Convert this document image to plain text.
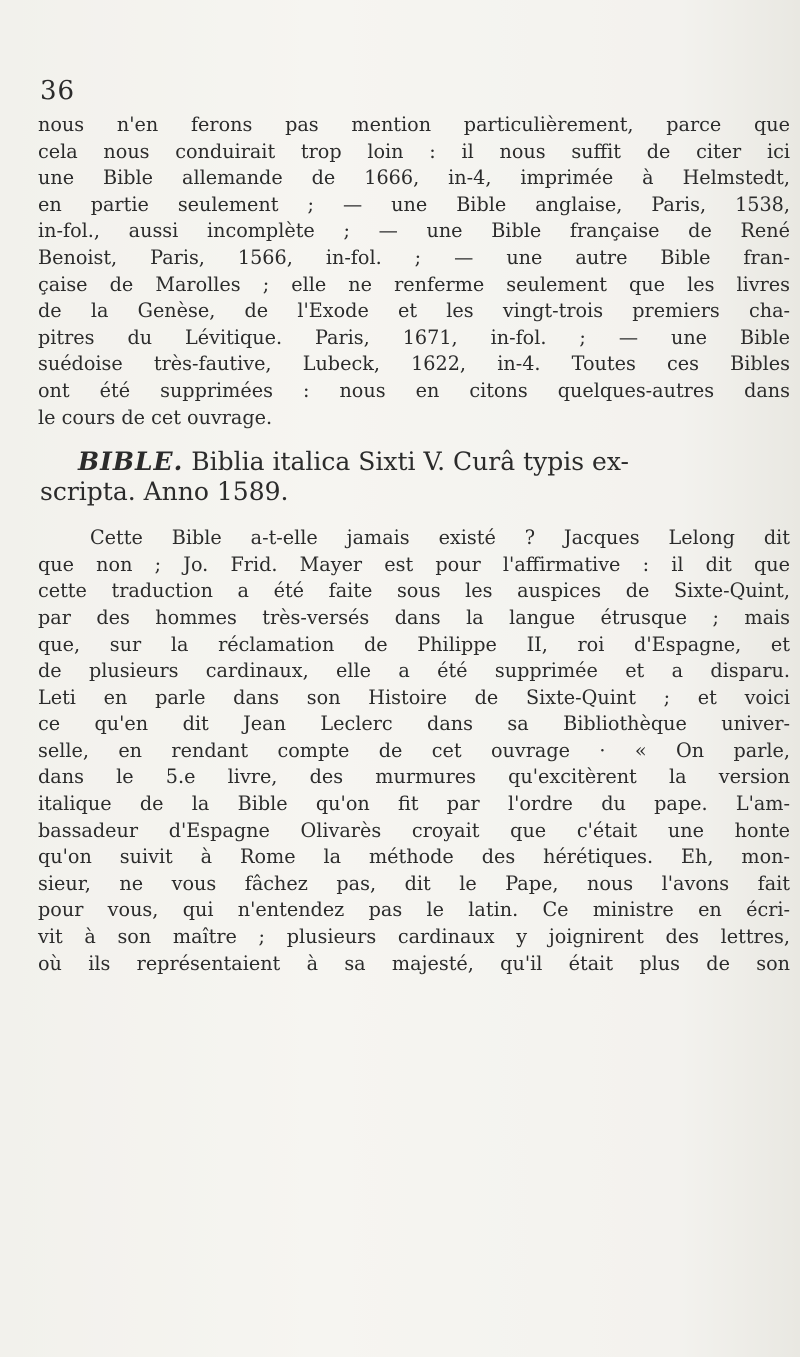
36
nous n'en ferons pas mention particulièrement, parce que
cela nous conduirait trop loin : il nous suffit de citer ici
une Bible allemande de 1666, in-4, imprimée à Helmstedt,
en partie seulement ; — une Bible anglaise, Paris, 1538,
in-fol., aussi incomplète ; — une Bible française de René
Benoist, Paris, 1566, in-fol. ; — une autre Bible fran-
çaise de Marolles ; elle ne renferme seulement que les livres
de la Genèse, de l'Exode et les vingt-trois premiers cha-
pitres du Lévitique. Paris, 1671, in-fol. ; — une Bible
suédoise très-fautive, Lubeck, 1622, in-4. Toutes ces Bibles
ont été supprimées : nous en citons quelques-autres dans
le cours de cet ouvrage.
BIBLE. Biblia italica Sixti V. Curâ typis ex-
scripta. Anno 1589.
Cette Bible a-t-elle jamais existé ? Jacques Lelong dit
que non ; Jo. Frid. Mayer est pour l'affirmative : il dit que
cette traduction a été faite sous les auspices de Sixte-Quint,
par des hommes très-versés dans la langue étrusque ; mais
que, sur la réclamation de Philippe II, roi d'Espagne, et
de plusieurs cardinaux, elle a été supprimée et a disparu.
Leti en parle dans son Histoire de Sixte-Quint ; et voici
ce qu'en dit Jean Leclerc dans sa Bibliothèque univer-
selle, en rendant compte de cet ouvrage · « On parle,
dans le 5.e livre, des murmures qu'excitèrent la version
italique de la Bible qu'on fit par l'ordre du pape. L'am-
bassadeur d'Espagne Olivarès croyait que c'était une honte
qu'on suivit à Rome la méthode des hérétiques. Eh, mon-
sieur, ne vous fâchez pas, dit le Pape, nous l'avons fait
pour vous, qui n'entendez pas le latin. Ce ministre en écri-
vit à son maître ; plusieurs cardinaux y joignirent des lettres,
où ils représentaient à sa majesté, qu'il était plus de son
